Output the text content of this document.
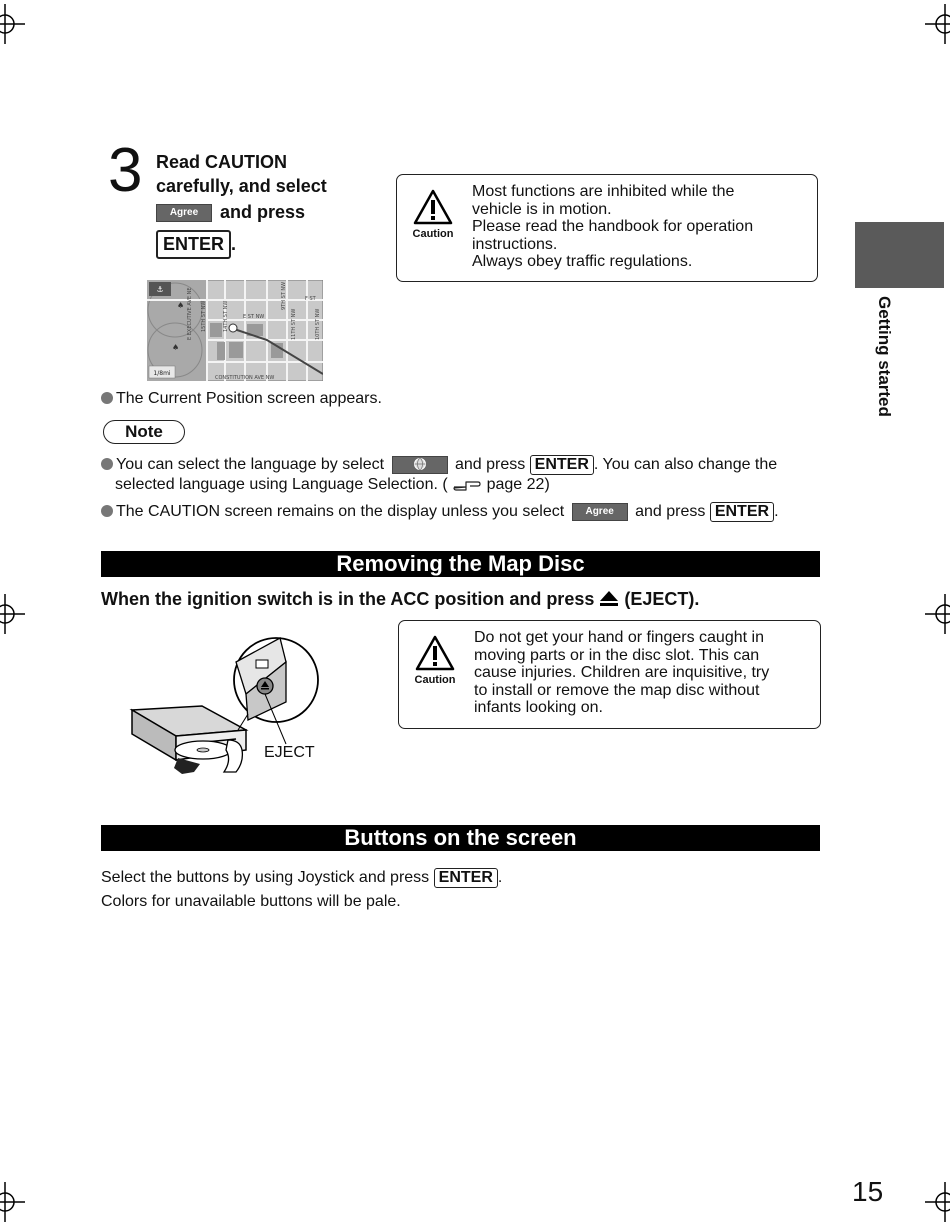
3 Read CAUTION
carefully, and select
Agree and press
ENTER .	Caution
Most functions are inhibited while the
vehicle is in motion.
Please read the handbook for operation
instructions.
Always obey traffic regulations.
⚓
1/8mi
♠
♠
E EXECUTIVE AVE NE 15TH ST NW	14TH ST NW	E ST NW
F ST
9TH ST NW
11TH ST NW	10TH ST NW
CONSTITUTION AVE NW
The Current Position screen appears.
Note
You can select the language by select	and press ENTER . You can also change the
selected language using Language Selection. ( page 22)
The CAUTION screen remains on the display unless you select Agree and press ENTER .
Removing the Map Disc
When the ignition switch is in the ACC position and press (EJECT).
EJECT
Caution
Do not get your hand or fingers caught in
moving parts or in the disc slot. This can
cause injuries. Children are inquisitive, try
to install or remove the map disc without
infants looking on.
Buttons on the screen
Select the buttons by using Joystick and press ENTER .
Colors for unavailable buttons will be pale.
Getting started
15
